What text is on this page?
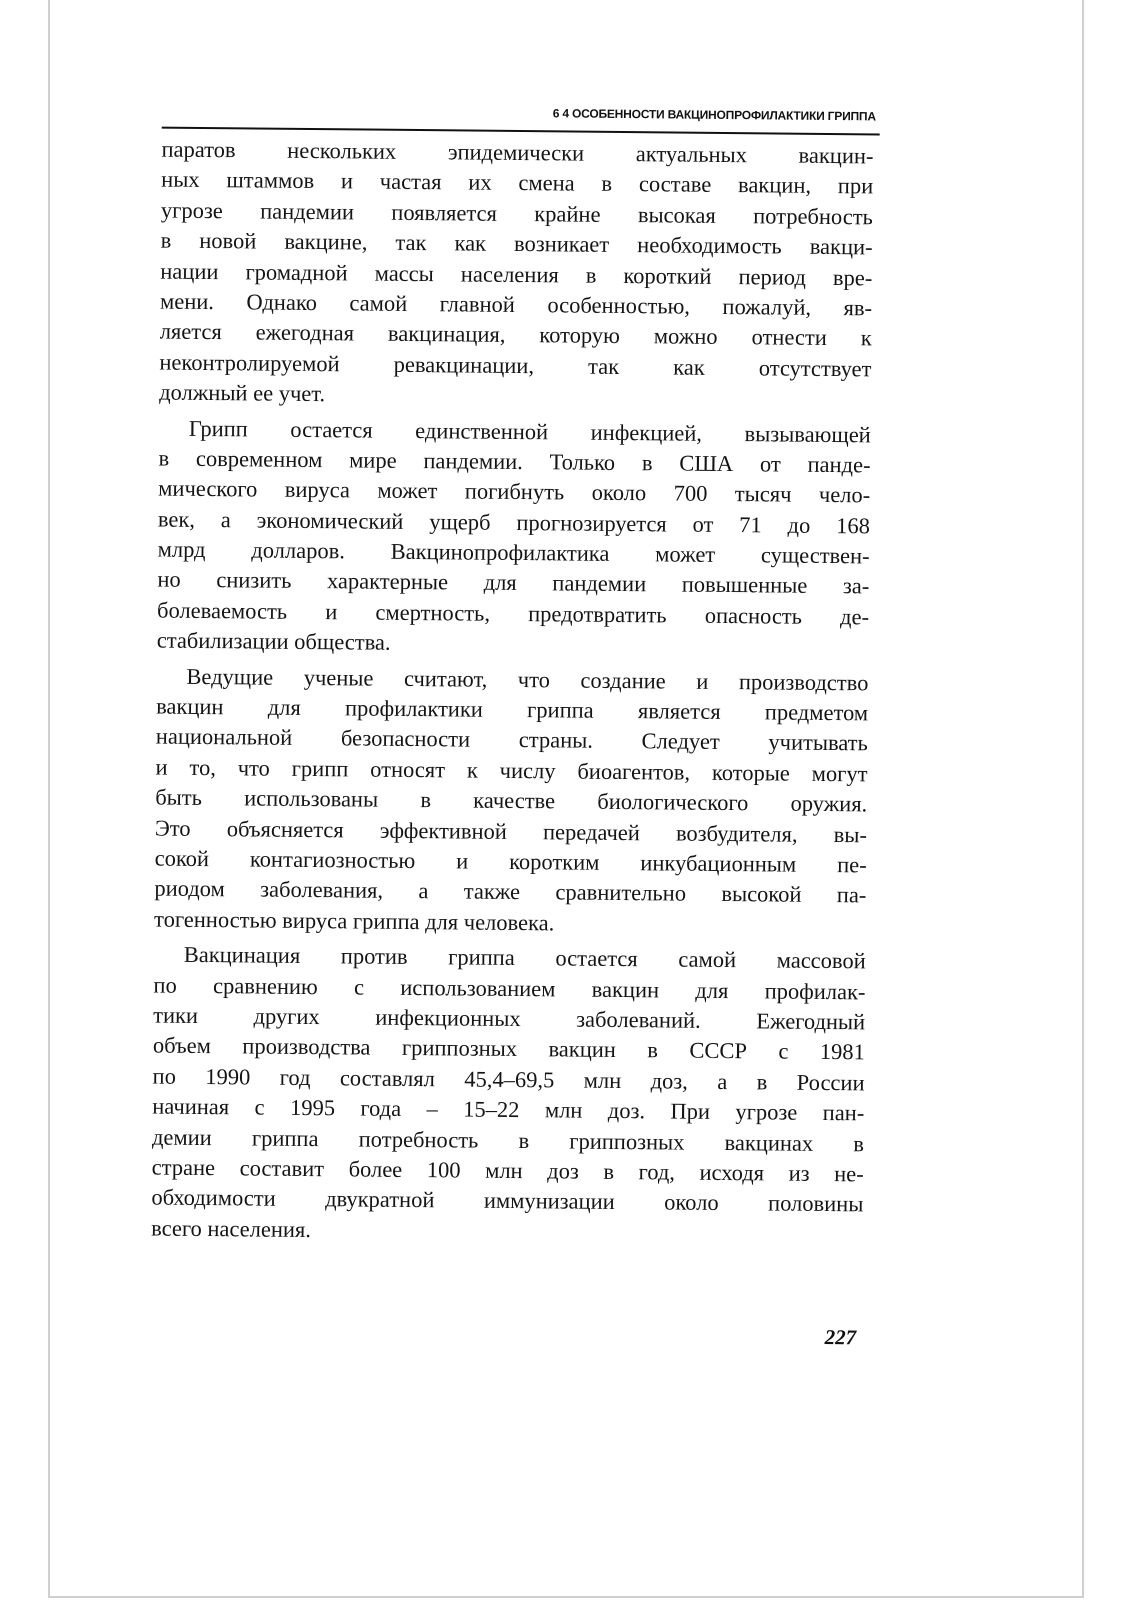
6 4 ОСОБЕННОСТИ ВАКЦИНОПРОФИЛАКТИКИ ГРИППА
паратов нескольких эпидемически актуальных вакцин-
ных штаммов и частая их смена в составе вакцин, при
угрозе пандемии появляется крайне высокая потребность
в новой вакцине, так как возникает необходимость вакци-
нации громадной массы населения в короткий период вре-
мени. Однако самой главной особенностью, пожалуй, яв-
ляется ежегодная вакцинация, которую можно отнести к
неконтролируемой ревакцинации, так как отсутствует
должный ее учет.
Грипп остается единственной инфекцией, вызывающей
в современном мире пандемии. Только в США от панде-
мического вируса может погибнуть около 700 тысяч чело-
век, а экономический ущерб прогнозируется от 71 до 168
млрд долларов. Вакцинопрофилактика может существен-
но снизить характерные для пандемии повышенные за-
болеваемость и смертность, предотвратить опасность де-
стабилизации общества.
Ведущие ученые считают, что создание и производство
вакцин для профилактики гриппа является предметом
национальной безопасности страны. Следует учитывать
и то, что грипп относят к числу биоагентов, которые могут
быть использованы в качестве биологического оружия.
Это объясняется эффективной передачей возбудителя, вы-
сокой контагиозностью и коротким инкубационным пе-
риодом заболевания, а также сравнительно высокой па-
тогенностью вируса гриппа для человека.
Вакцинация против гриппа остается самой массовой
по сравнению с использованием вакцин для профилак-
тики других инфекционных заболеваний. Ежегодный
объем производства гриппозных вакцин в СССР с 1981
по 1990 год составлял 45,4–69,5 млн доз, а в России
начиная с 1995 года – 15–22 млн доз. При угрозе пан-
демии гриппа потребность в гриппозных вакцинах в
стране составит более 100 млн доз в год, исходя из не-
обходимости двукратной иммунизации около половины
всего населения.
227
